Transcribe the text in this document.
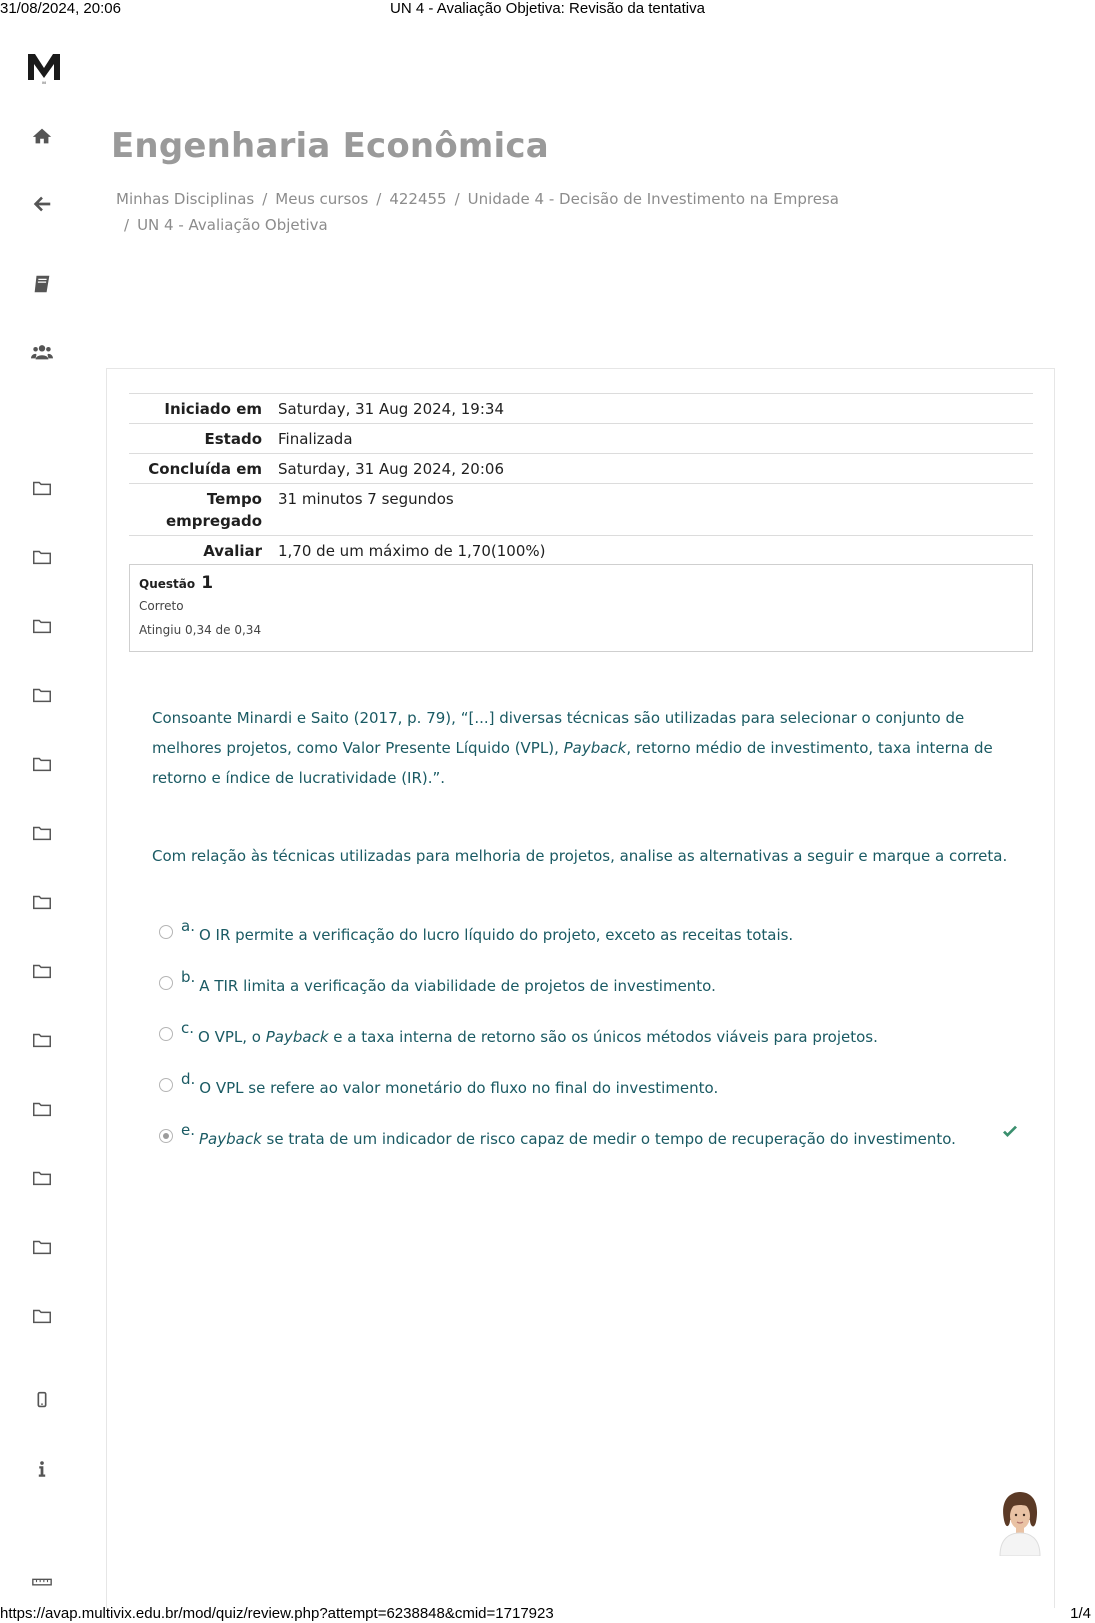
31/08/2024, 20:06	UN 4 - Avaliação Objetiva: Revisão da tentativa
M
Engenharia Econômica
Minhas Disciplinas / Meus cursos / 422455 / Unidade 4 - Decisão de Investimento na Empresa
/ UN 4 - Avaliação Objetiva
Iniciado em	Saturday, 31 Aug 2024, 19:34
Estado	Finalizada
Concluída em	Saturday, 31 Aug 2024, 20:06
Tempo empregado	31 minutos 7 segundos
Avaliar	1,70 de um máximo de 1,70(100%)
Questão 1
Correto
Atingiu 0,34 de 0,34
Consoante Minardi e Saito (2017, p. 79), “[...] diversas técnicas são utilizadas para selecionar o conjunto de melhores projetos, como Valor Presente Líquido (VPL), Payback, retorno médio de investimento, taxa interna de retorno e índice de lucratividade (IR).”.
Com relação às técnicas utilizadas para melhoria de projetos, analise as alternativas a seguir e marque a correta.
a. O IR permite a verificação do lucro líquido do projeto, exceto as receitas totais.
b. A TIR limita a verificação da viabilidade de projetos de investimento.
c. O VPL, o Payback e a taxa interna de retorno são os únicos métodos viáveis para projetos.
d. O VPL se refere ao valor monetário do fluxo no final do investimento.
e. Payback se trata de um indicador de risco capaz de medir o tempo de recuperação do investimento.
https://avap.multivix.edu.br/mod/quiz/review.php?attempt=6238848&cmid=1717923	1/4
